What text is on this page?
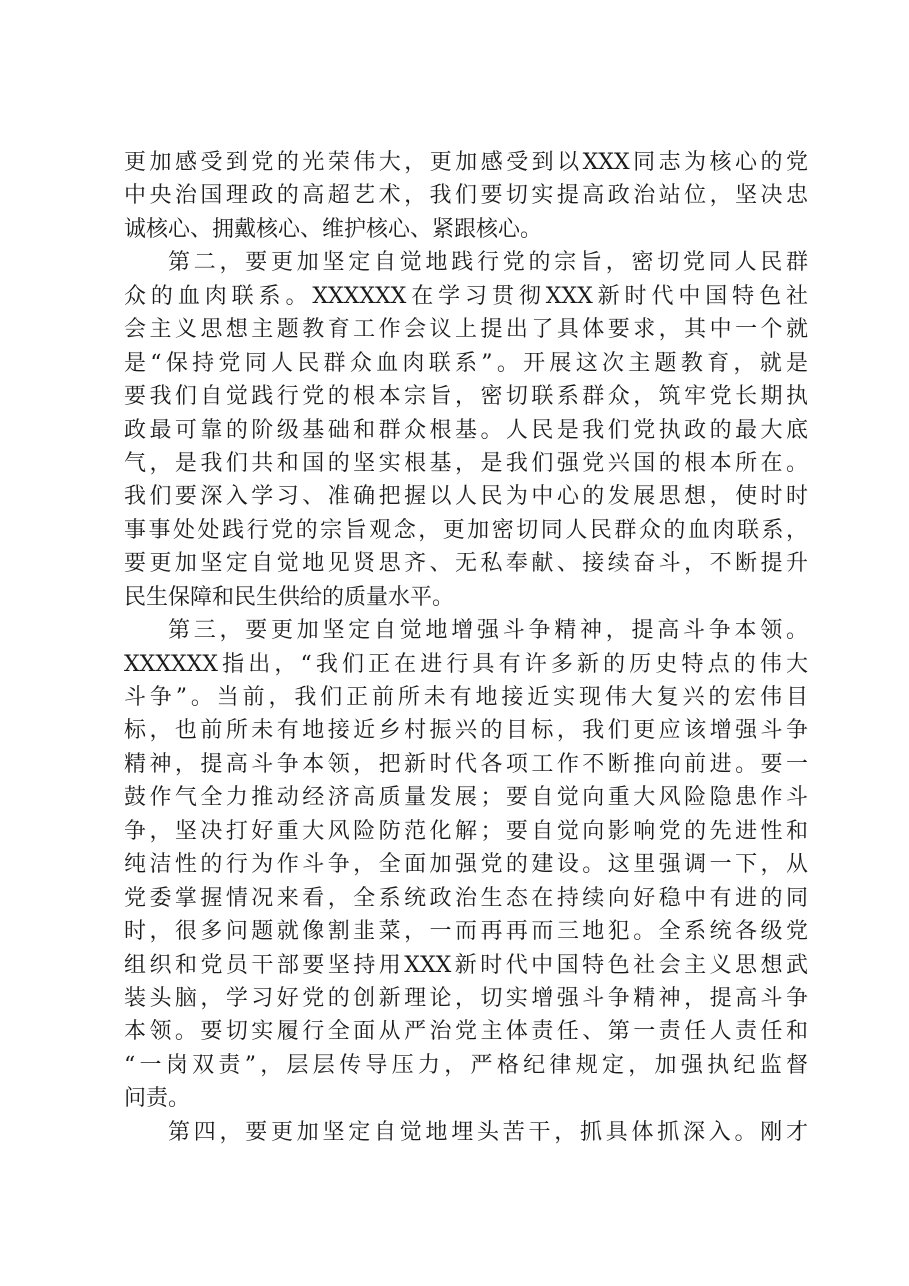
更加感受到党的光荣伟大，更加感受到以XXX同志为核心的党
中央治国理政的高超艺术，我们要切实提高政治站位，坚决忠
诚核心、拥戴核心、维护核心、紧跟核心。
第二，要更加坚定自觉地践行党的宗旨，密切党同人民群
众的血肉联系。XXXXXX在学习贯彻XXX新时代中国特色社
会主义思想主题教育工作会议上提出了具体要求，其中一个就
是“保持党同人民群众血肉联系”。开展这次主题教育，就是
要我们自觉践行党的根本宗旨，密切联系群众，筑牢党长期执
政最可靠的阶级基础和群众根基。人民是我们党执政的最大底
气，是我们共和国的坚实根基，是我们强党兴国的根本所在。
我们要深入学习、准确把握以人民为中心的发展思想，使时时
事事处处践行党的宗旨观念，更加密切同人民群众的血肉联系，
要更加坚定自觉地见贤思齐、无私奉献、接续奋斗，不断提升
民生保障和民生供给的质量水平。
第三，要更加坚定自觉地增强斗争精神，提高斗争本领。
XXXXXX指出，“我们正在进行具有许多新的历史特点的伟大
斗争”。当前，我们正前所未有地接近实现伟大复兴的宏伟目
标，也前所未有地接近乡村振兴的目标，我们更应该增强斗争
精神，提高斗争本领，把新时代各项工作不断推向前进。要一
鼓作气全力推动经济高质量发展；要自觉向重大风险隐患作斗
争，坚决打好重大风险防范化解；要自觉向影响党的先进性和
纯洁性的行为作斗争，全面加强党的建设。这里强调一下，从
党委掌握情况来看，全系统政治生态在持续向好稳中有进的同
时，很多问题就像割韭菜，一而再再而三地犯。全系统各级党
组织和党员干部要坚持用XXX新时代中国特色社会主义思想武
装头脑，学习好党的创新理论，切实增强斗争精神，提高斗争
本领。要切实履行全面从严治党主体责任、第一责任人责任和
“一岗双责”，层层传导压力，严格纪律规定，加强执纪监督
问责。
第四，要更加坚定自觉地埋头苦干，抓具体抓深入。刚才
